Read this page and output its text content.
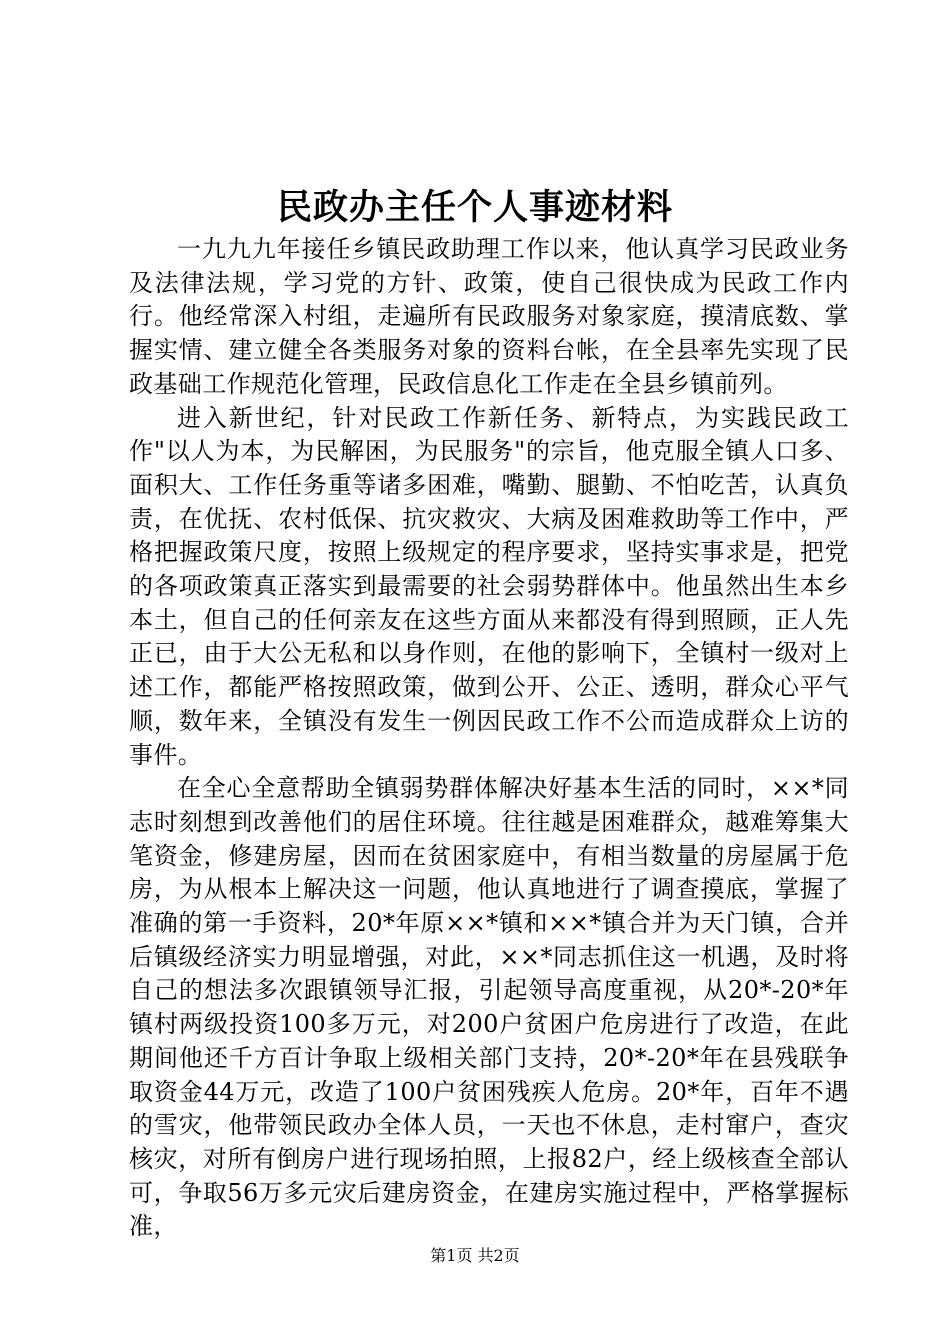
民政办主任个人事迹材料

一九九九年接任乡镇民政助理工作以来，他认真学习民政业务及法律法规，学习党的方针、政策，使自己很快成为民政工作内行。他经常深入村组，走遍所有民政服务对象家庭，摸清底数、掌握实情、建立健全各类服务对象的资料台帐，在全县率先实现了民政基础工作规范化管理，民政信息化工作走在全县乡镇前列。

进入新世纪，针对民政工作新任务、新特点，为实践民政工作"以人为本，为民解困，为民服务"的宗旨，他克服全镇人口多、面积大、工作任务重等诸多困难，嘴勤、腿勤、不怕吃苦，认真负责，在优抚、农村低保、抗灾救灾、大病及困难救助等工作中，严格把握政策尺度，按照上级规定的程序要求，坚持实事求是，把党的各项政策真正落实到最需要的社会弱势群体中。他虽然出生本乡本土，但自己的任何亲友在这些方面从来都没有得到照顾，正人先正已，由于大公无私和以身作则，在他的影响下，全镇村一级对上述工作，都能严格按照政策，做到公开、公正、透明，群众心平气顺，数年来，全镇没有发生一例因民政工作不公而造成群众上访的事件。

在全心全意帮助全镇弱势群体解决好基本生活的同时，××*同志时刻想到改善他们的居住环境。往往越是困难群众，越难筹集大笔资金，修建房屋，因而在贫困家庭中，有相当数量的房屋属于危房，为从根本上解决这一问题，他认真地进行了调查摸底，掌握了准确的第一手资料，20*年原××*镇和××*镇合并为天门镇，合并后镇级经济实力明显增强，对此，××*同志抓住这一机遇，及时将自己的想法多次跟镇领导汇报，引起领导高度重视，从20*-20*年镇村两级投资100多万元，对200户贫困户危房进行了改造，在此期间他还千方百计争取上级相关部门支持，20*-20*年在县残联争取资金44万元，改造了100户贫困残疾人危房。20*年，百年不遇的雪灾，他带领民政办全体人员，一天也不休息，走村窜户，查灾核灾，对所有倒房户进行现场拍照，上报82户，经上级核查全部认可，争取56万多元灾后建房资金，在建房实施过程中，严格掌握标准，

第1页 共2页
